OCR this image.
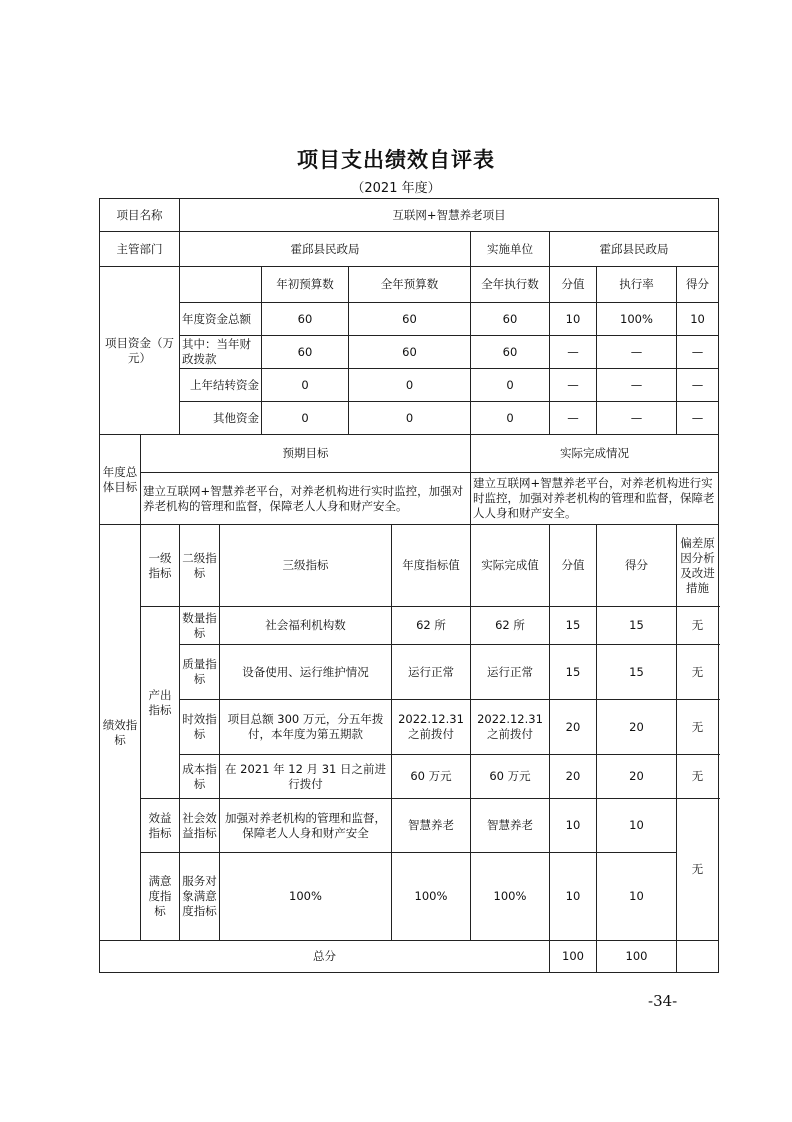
项目支出绩效自评表
（2021 年度）
项目名称		互联网+智慧养老项目								
主管部门		霍邱县民政局					实施单位	霍邱县民政局		
项目资金（万元）				年初预算数	全年预算数		全年执行数	分值	执行率	得分
		年度资金总额		60	60		60	10	100%	10
		其中：当年财政拨款		60	60		60	—	—	—
		上年结转资金		0	0		0	—	—	—
		其他资金		0	0		0	—	—	—
年度总体目标	预期目标						实际完成情况			
	建立互联网+智慧养老平台，对养老机构进行实时监控，加强对养老机构的管理和监督，保障老人人身和财产安全。						建立互联网+智慧养老平台，对养老机构进行实时监控，加强对养老机构的管理和监督，保障老人人身和财产安全。			
绩效指标	一级指标	二级指标	三级指标			年度指标值	实际完成值	分值	得分	偏差原因分析及改进措施
	产出指标	数量指标	社会福利机构数			62 所	62 所	15	15	无
		质量指标	设备使用、运行维护情况			运行正常	运行正常	15	15	无
		时效指标	项目总额 300 万元，分五年拨付，本年度为第五期款			2022.12.31 之前拨付	2022.12.31 之前拨付	20	20	无
		成本指标	在 2021 年 12 月 31 日之前进行拨付			60 万元	60 万元	20	20	无
	效益指标	社会效益指标	加强对养老机构的管理和监督，保障老人人身和财产安全			智慧养老	智慧养老	10	10	无
	满意度指标	服务对象满意度指标	100%			100%	100%	10	10	
总分								100	100	
-34-
